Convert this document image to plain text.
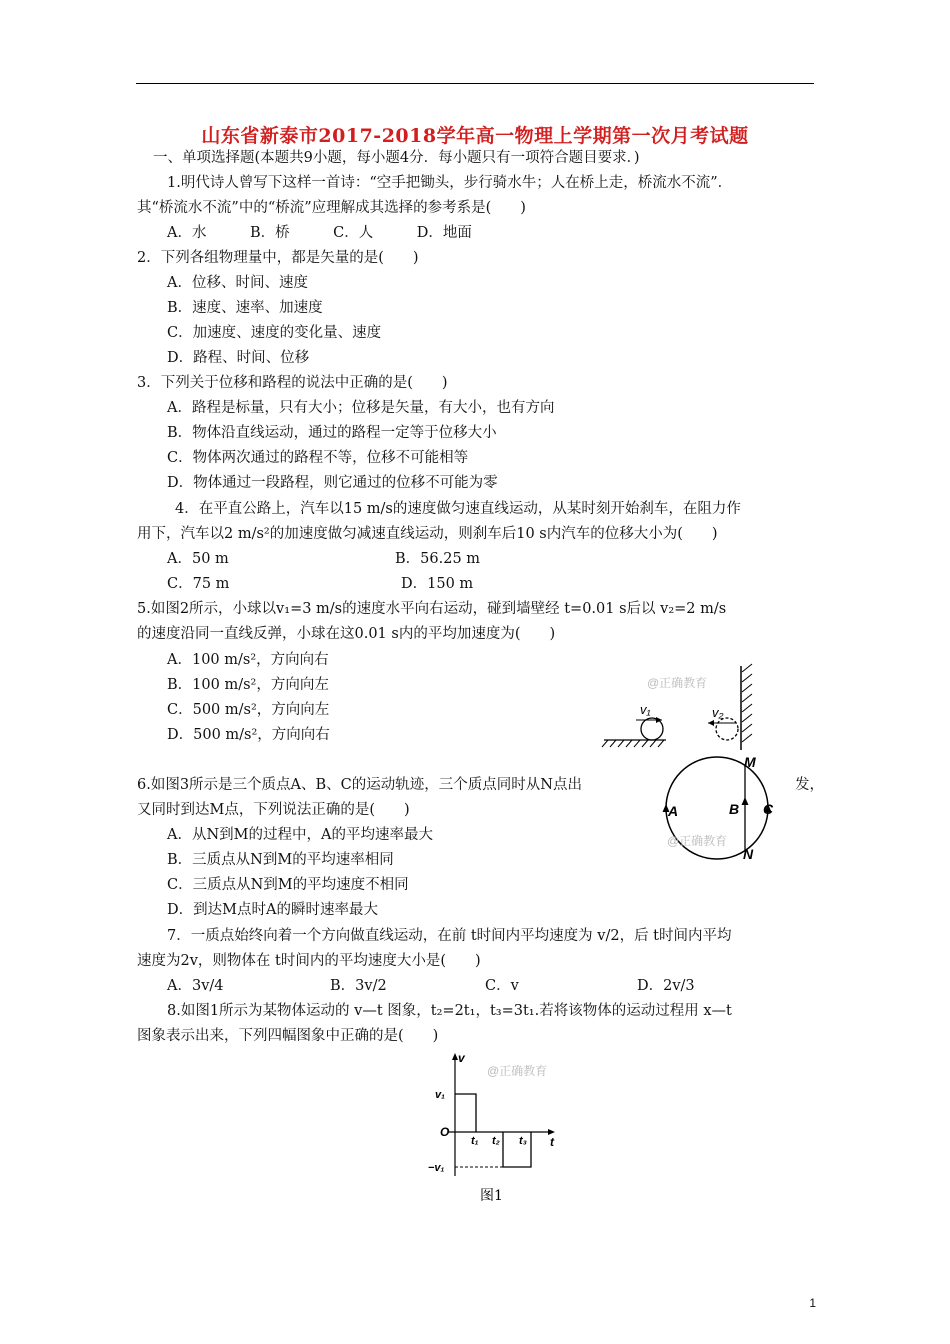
山东省新泰市2017-2018学年高一物理上学期第一次月考试题
一、单项选择题(本题共9小题，每小题4分．每小题只有一项符合题目要求．)
1.明代诗人曾写下这样一首诗：“空手把锄头，步行骑水牛；人在桥上走，桥流水不流”．
其“桥流水不流”中的“桥流”应理解成其选择的参考系是(　　)
A．水　　　B．桥　　　C．人　　　D．地面
2．下列各组物理量中，都是矢量的是(　　)
A．位移、时间、速度
B．速度、速率、加速度
C．加速度、速度的变化量、速度
D．路程、时间、位移
3．下列关于位移和路程的说法中正确的是(　　)
A．路程是标量，只有大小；位移是矢量，有大小，也有方向
B．物体沿直线运动，通过的路程一定等于位移大小
C．物体两次通过的路程不等，位移不可能相等
D．物体通过一段路程，则它通过的位移不可能为零
4．在平直公路上，汽车以15 m/s的速度做匀速直线运动，从某时刻开始刹车，在阻力作
用下，汽车以2 m/s²的加速度做匀减速直线运动，则刹车后10 s内汽车的位移大小为(　　)
A．50 m	B．56.25 m
C．75 m	D．150 m
5.如图2所示，小球以v₁=3 m/s的速度水平向右运动，碰到墙壁经 t=0.01 s后以 v₂=2 m/s
的速度沿同一直线反弹，小球在这0.01 s内的平均加速度为(　　)
A．100 m/s²，方向向右
B．100 m/s²，方向向左
C．500 m/s²，方向向左
D．500 m/s²，方向向右
@正确教育
v₁	v₂
6.如图3所示是三个质点A、B、C的运动轨迹，三个质点同时从N点出	发，
又同时到达M点，下列说法正确的是(　　)
A．从N到M的过程中，A的平均速率最大
B．三质点从N到M的平均速率相同
C．三质点从N到M的平均速度不相同
D．到达M点时A的瞬时速率最大
@正确教育
M
N
A	B C
7．一质点始终向着一个方向做直线运动，在前 t时间内平均速度为 v/2，后 t时间内平均
速度为2v，则物体在 t时间内的平均速度大小是(　　)
A．3v/4	B．3v/2	C．v	D．2v/3
8.如图1所示为某物体运动的 v—t 图象，t₂=2t₁，t₃=3t₁.若将该物体的运动过程用 x—t
图象表示出来，下列四幅图象中正确的是(　　)
v
t
O
v₁
−v₁
@正确教育
t₁ t₂ t₃
图1
1
